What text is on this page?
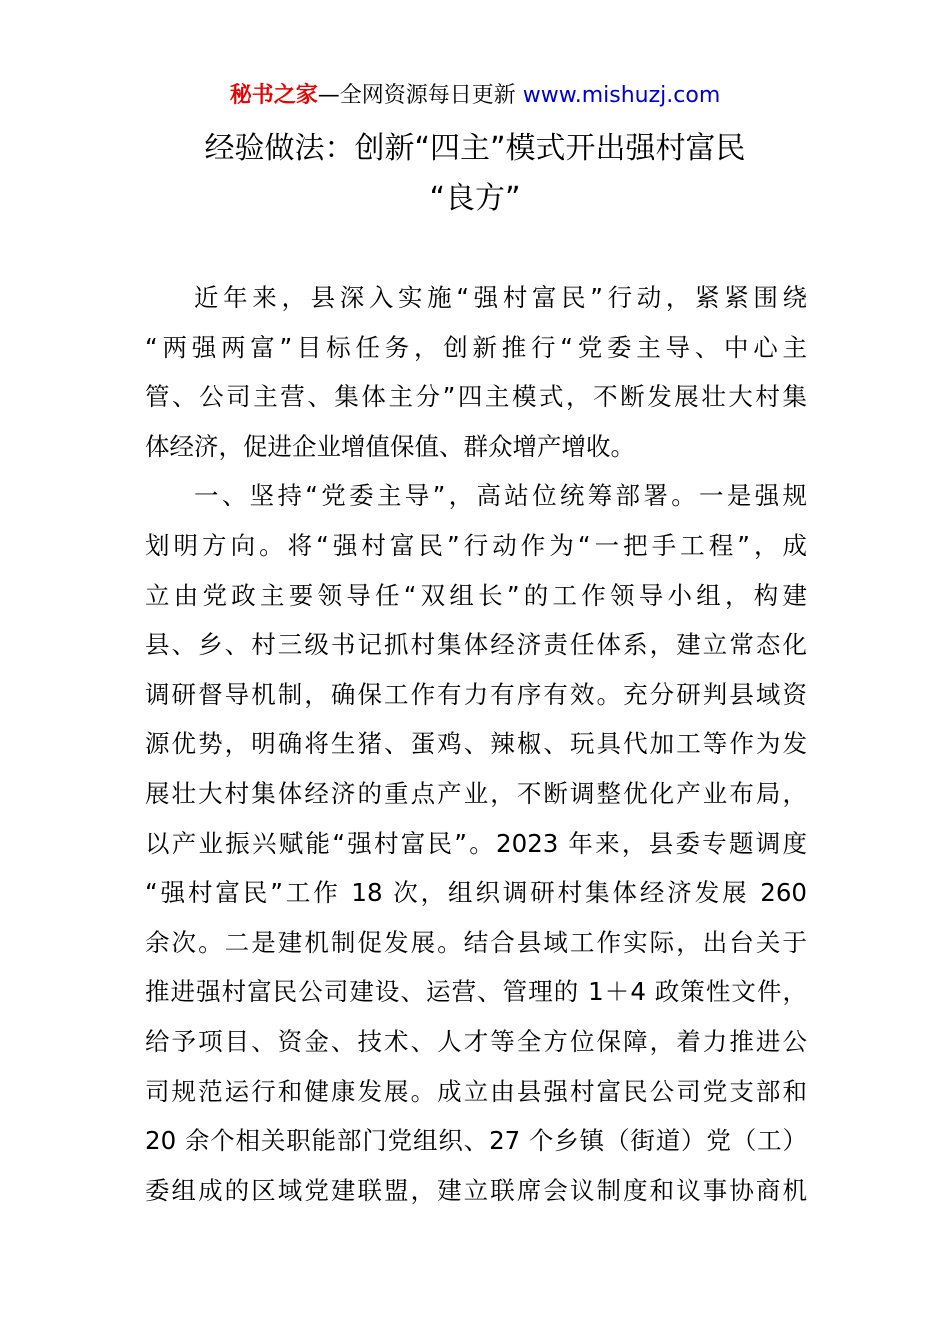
秘书之家—全网资源每日更新 www.mishuzj.com
经验做法：创新“四主”模式开出强村富民
“良方”
近年来，县深入实施“强村富民”行动，紧紧围绕
“两强两富”目标任务，创新推行“党委主导、中心主
管、公司主营、集体主分”四主模式，不断发展壮大村集
体经济，促进企业增值保值、群众增产增收。
一、坚持“党委主导”，高站位统筹部署。一是强规
划明方向。将“强村富民”行动作为“一把手工程”，成
立由党政主要领导任“双组长”的工作领导小组，构建
县、乡、村三级书记抓村集体经济责任体系，建立常态化
调研督导机制，确保工作有力有序有效。充分研判县域资
源优势，明确将生猪、蛋鸡、辣椒、玩具代加工等作为发
展壮大村集体经济的重点产业，不断调整优化产业布局，
以产业振兴赋能“强村富民”。2023 年来，县委专题调度
“强村富民”工作 18 次，组织调研村集体经济发展 260
余次。二是建机制促发展。结合县域工作实际，出台关于
推进强村富民公司建设、运营、管理的 1＋4 政策性文件，
给予项目、资金、技术、人才等全方位保障，着力推进公
司规范运行和健康发展。成立由县强村富民公司党支部和
20 余个相关职能部门党组织、27 个乡镇（街道）党（工）
委组成的区域党建联盟，建立联席会议制度和议事协商机
